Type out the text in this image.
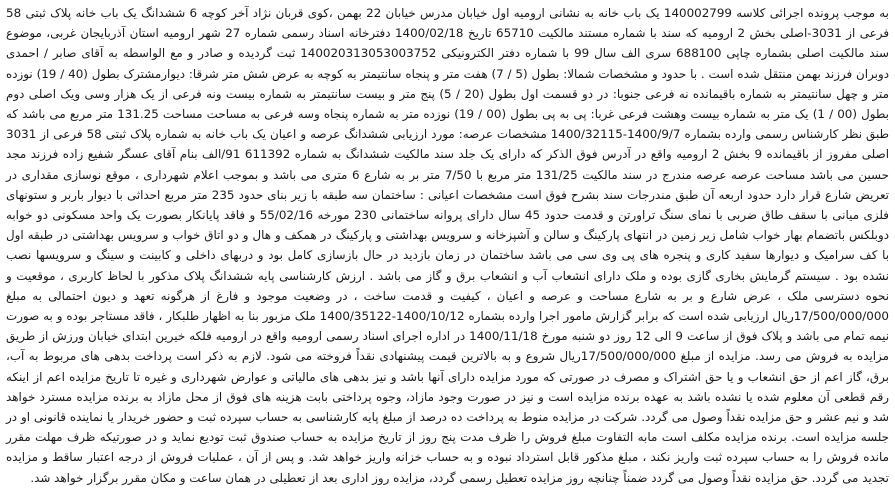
به موجب پرونده اجرائی کلاسه 140002799 یک باب خانه به نشانی ارومیه اول خیابان مدرس خیابان 22 بهمن ،کوی قربان نژاد آخر کوچه 6 ششدانگ یک باب خانه پلاک ثبتی 58 فرعی از 3031-اصلی بخش 2 ارومیه که سند با شماره مستند مالکیت 65710 تاریخ 1400/02/18 دفترخانه اسناد رسمی شماره 27 شهر ارومیه استان آذربایجان غربی، موضوع سند مالکیت اصلی بشماره چاپی 688100 سری الف سال 99 با شماره دفتر الکترونیکی 140020313053003752 ثبت گردیده و صادر و مع الواسطه به آقای صابر / احمدی دوبران فرزند بهمن منتقل شده است . با حدود و مشخصات شمالا: بطول (5 / 7) هفت متر و پنجاه سانتیمتر به کوچه به عرض شش متر شرقا: دیوارمشترک بطول (40 / 19) نوزده متر و چهل سانتیمتر به شماره باقیمانده نه فرعی جنوبا: در دو قسمت اول بطول (20 / 5) پنج متر و بیست سانتیمتر به شماره بیست ونه فرعی از یک هزار وسی ویک اصلی دوم بطول (00 / 1) یک متر به شماره بیست وهشت فرعی غربا: پی به پی بطول (00 / 19) نوزده متر به شماره پنجاه وسه فرعی به مساحت مساحت 131.25 متر مربع می باشد که طبق نظر کارشناس رسمی وارده بشماره 1400/9/7-1400/32115 مشخصات عرصه: مورد ارزیابی ششدانگ عرصه و اعیان یک باب خانه به شماره پلاک ثبتی 58 فرعی از 3031 اصلی مفروز از باقیمانده 9 بخش 2 ارومیه واقع در آدرس فوق الذکر که دارای یک جلد سند مالکیت ششدانگ به شماره 611392 91/الف بنام آقای عسگر شفیع زاده فرزند مجد حسین می باشد مساحت عرصه عرصه مندرج در سند مالکیت 131/25 متر مربع با 7/50 متر بر به شارع 6 متری می باشد و بموجب اعلام شهرداری ، موقع نوسازی مقداری در تعریض شارع قرار دارد حدود اربعه آن طبق مندرجات سند بشرح فوق است مشخصات اعیانی : ساختمان سه طبقه با زیر بنای حدود 235 متر مربع احداثی با دیوار باربر و ستونهای فلزی میانی با سقف طاق ضربی با نمای سنگ تراورتن و قدمت حدود 45 سال دارای پروانه ساختمانی 230 مورخه 55/02/16 و فاقد پایانکار بصورت یک واحد مسکونی دو خوابه دوبلکس باتضمام بهار خواب شامل زیر زمین در انتهای پارکینگ و سالن و آشپزخانه و سرویس بهداشتی و پارکینگ در همکف و هال و دو اتاق خواب و سرویس بهداشتی در طبقه اول با کف سرامیک و دیوارها سفید کاری و پنجره های پی وی سی می باشد ساختمان در زمان بازدید در حال بازسازی کامل بود و دربهای داخلی و کابینت و سینگ و سرویسها نصب نشده بود . سیستم گرمایش بخاری گازی بوده و ملک دارای انشعاب آب و انشعاب برق و گاز می باشد . ارزش کارشناسی پایه ششدانگ پلاک مذکور با لحاظ کاربری ، موقعیت و نحوه دسترسی ملک ، عرض شارع و بر به شارع مساحت و عرصه و اعیان ، کیفیت و قدمت ساخت ، در وضعیت موجود و فارغ از هرگونه تعهد و دیون احتمالی به مبلغ 17/500/000/000ریال ارزیابی شده است که برابر گزارش مامور اجرا وارده بشماره 1400/10/12-1400/35122 ملک مزبور بنا به اظهار طلبکار ، فاقد مستاجر بوده و به صورت نیمه تمام می باشد و پلاک فوق از ساعت 9 الی 12 روز دو شنبه مورخ 1400/11/18 در اداره اجرای اسناد رسمی ارومیه واقع در ارومیه فلکه خیرین ابتدای خیابان ورزش از طریق مزایده به فروش می رسد. مزایده از مبلغ 17/500/000/000ریال شروع و به بالاترین قیمت پیشنهادی نقداً فروخته می شود. لازم به ذکر است پرداخت بدهی های مربوط به آب، برق، گاز اعم از حق انشعاب و یا حق اشتراک و مصرف در صورتی که مورد مزایده دارای آنها باشد و نیز بدهی های مالیاتی و عوارض شهرداری و غیره تا تاریخ مزایده اعم از اینکه رقم قطعی آن معلوم شده یا نشده باشد به عهده برنده مزایده است و نیز در صورت وجود مازاد، وجوه پرداختی بابت هزینه های فوق از محل مازاد به برنده مزایده مسترد خواهد شد و نیم عشر و حق مزایده نقداً وصول می گردد. شرکت در مزایده منوط به پرداخت ده درصد از مبلغ پایه کارشناسی به حساب سپرده ثبت و حضور خریدار یا نماینده قانونی او در جلسه مزایده است. برنده مزایده مکلف است مابه التفاوت مبلغ فروش را ظرف مدت پنج روز از تاریخ مزایده به حساب صندوق ثبت تودیع نماید و در صورتیکه ظرف مهلت مقرر مانده فروش را به حساب سپرده ثبت واریز نکند ، مبلغ مذکور قابل استرداد نبوده و به حساب خزانه واریز خواهد شد. و پس از آن ، عملیات فروش از درجه اعتبار ساقط و مزایده تجدید می گردد. حق مزایده نقداً وصول می گردد ضمناً چنانچه روز مزایده تعطیل رسمی گردد، مزایده روز اداری بعد از تعطیلی در همان ساعت و مکان مقرر برگزار خواهد شد.
